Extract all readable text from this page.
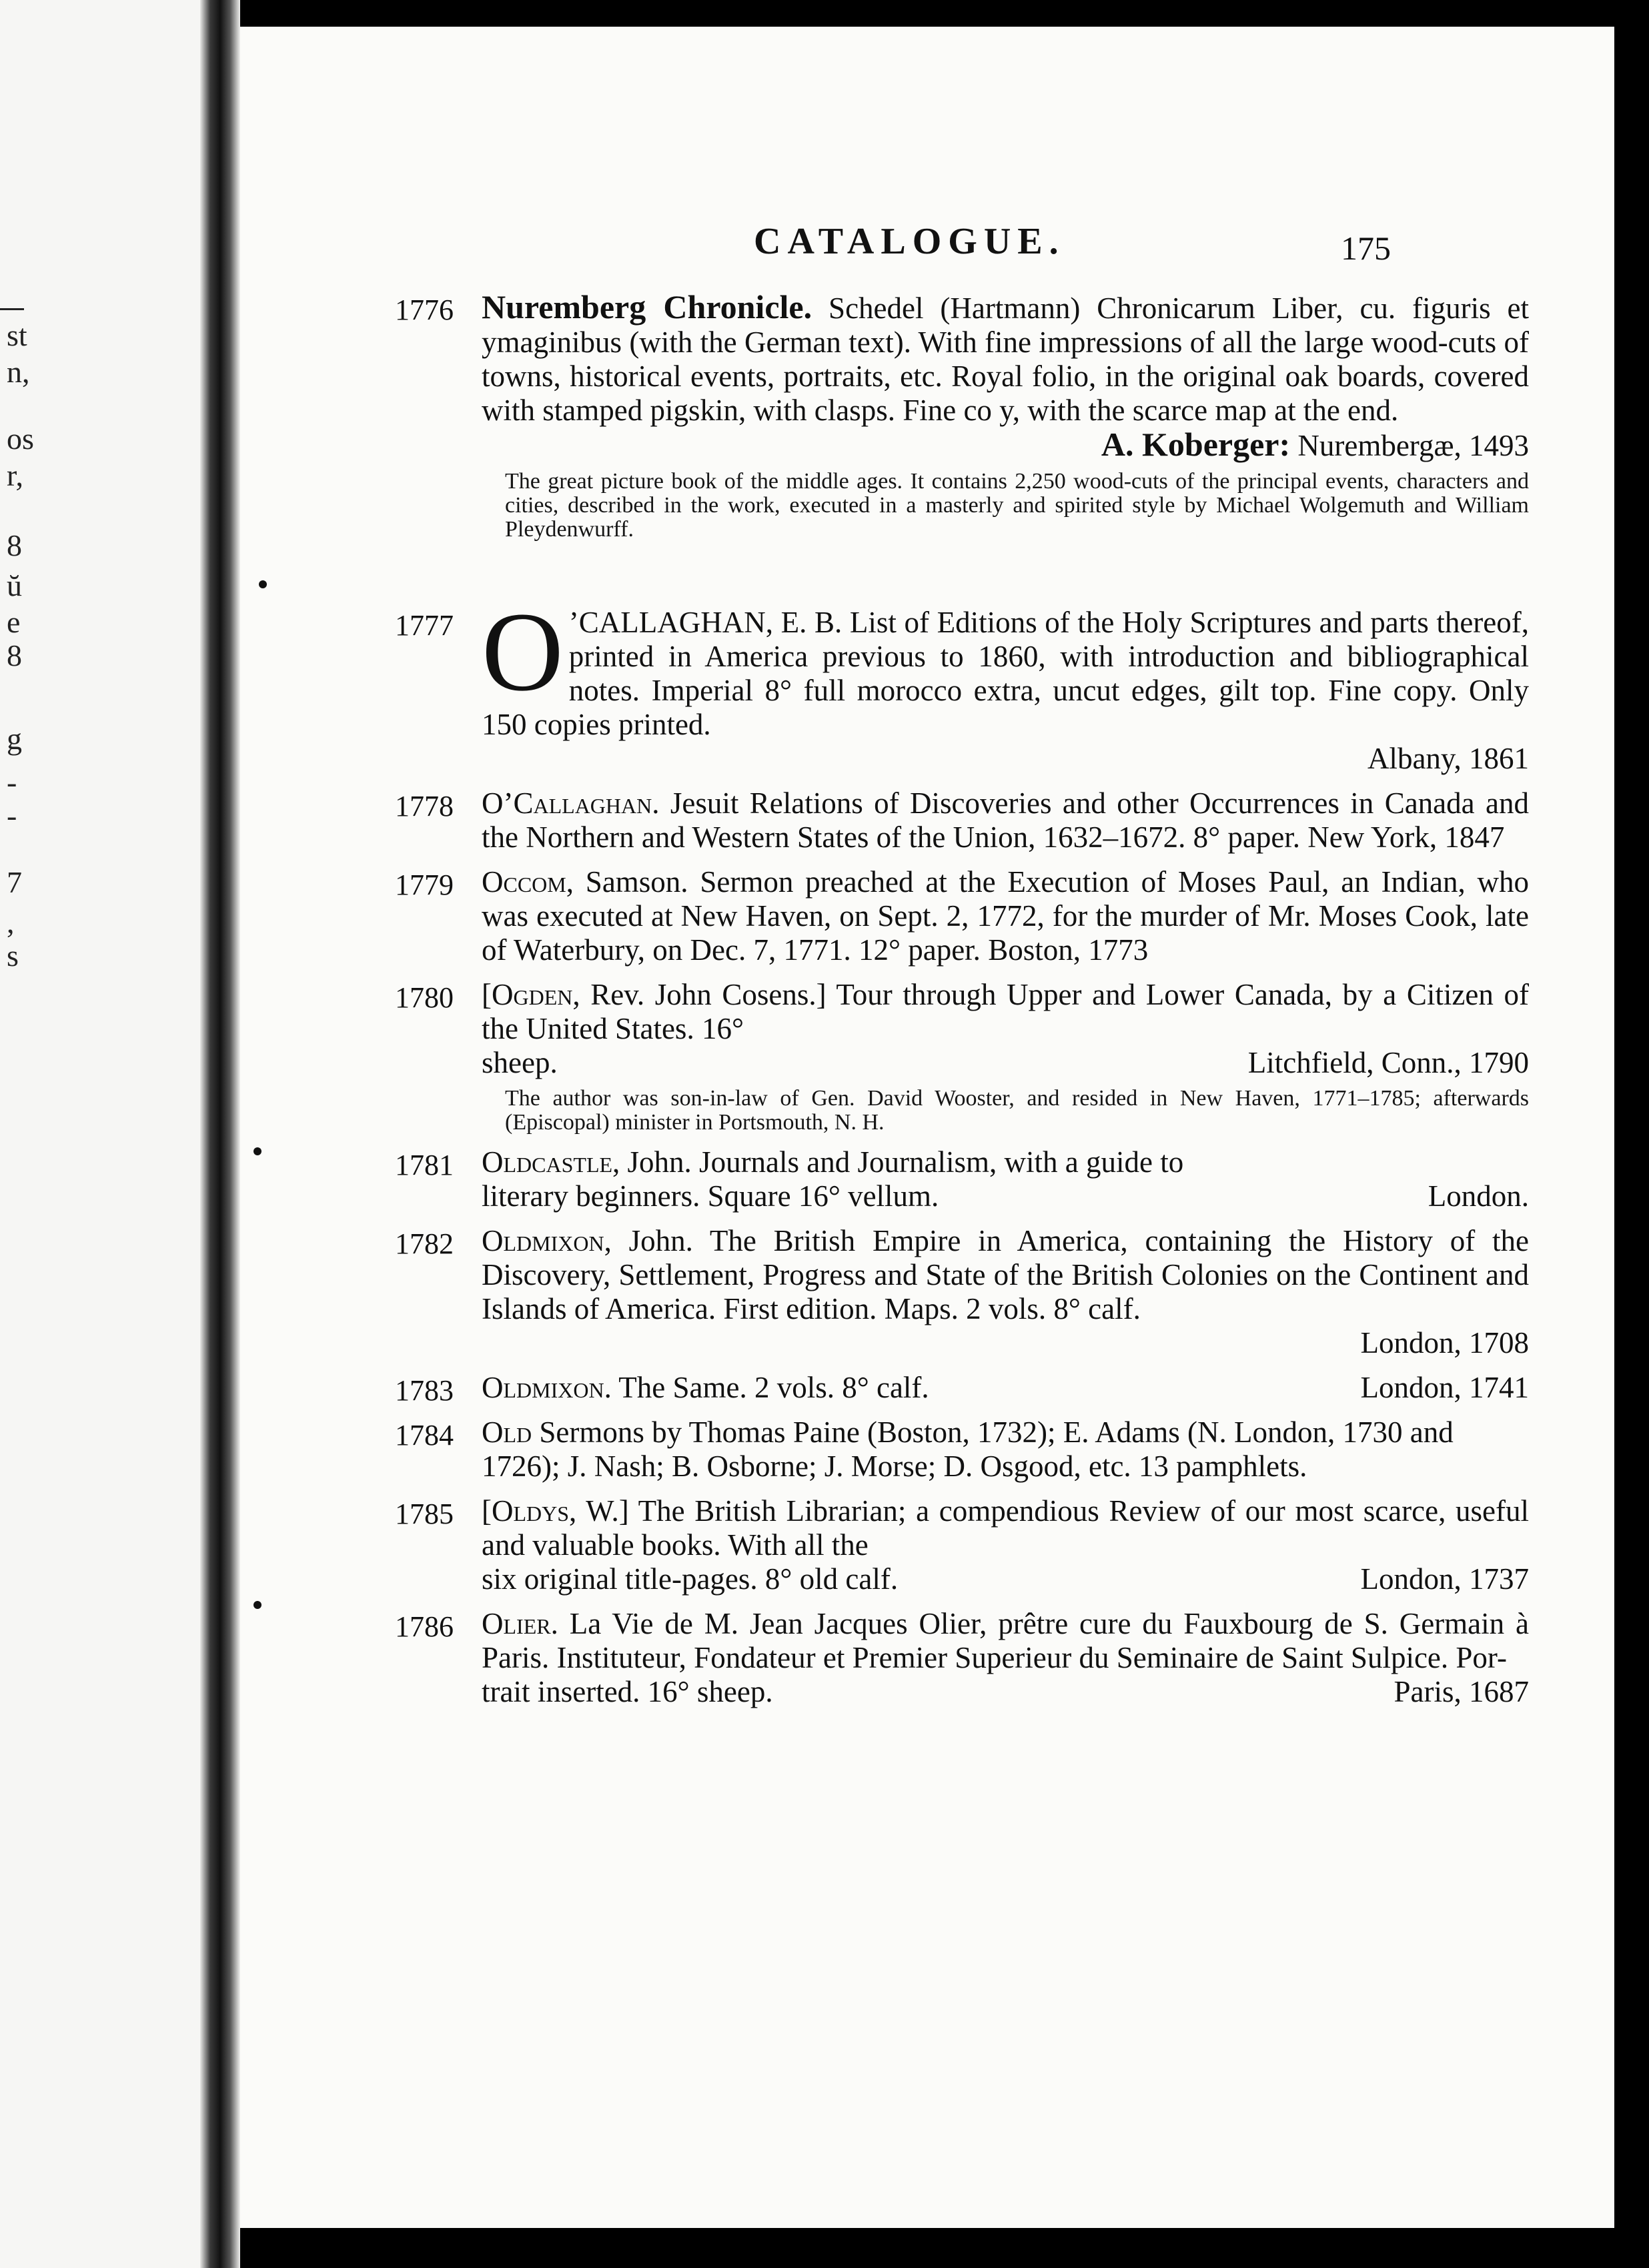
st
n,
os
r,
8
ŭ
e
8
g
-
-
7
,
s
CATALOGUE.	175
1776 Nuremberg Chronicle. Schedel (Hartmann) Chronicarum Liber, cu. figuris et ymaginibus (with the German text). With fine impressions of all the large wood-cuts of towns, historical events, portraits, etc. Royal folio, in the original oak boards, covered with stamped pigskin, with clasps. Fine co y, with the scarce map at the end.

A. Koberger: Nurembergæ, 1493
The great picture book of the middle ages. It contains 2,250 wood-cuts of the principal events, characters and cities, described in the work, executed in a masterly and spirited style by Michael Wolgemuth and William Pleydenwurff.
1777 O ’CALLAGHAN, E. B. List of Editions of the Holy Scriptures and parts thereof, printed in America previous to 1860, with introduction and bibliographical notes. Imperial 8° full morocco extra, uncut edges, gilt top. Fine copy. Only 150 copies printed.

Albany, 1861
1778 O’Callaghan. Jesuit Relations of Discoveries and other Occurrences in Canada and the Northern and Western States of the Union, 1632–1672. 8° paper. New York, 1847

1779 Occom, Samson. Sermon preached at the Execution of Moses Paul, an Indian, who was executed at New Haven, on Sept. 2, 1772, for the murder of Mr. Moses Cook, late of Waterbury, on Dec. 7, 1771. 12° paper. Boston, 1773

1780 [Ogden, Rev. John Cosens.] Tour through Upper and Lower Canada, by a Citizen of the United States. 16°

sheep.	Litchfield, Conn., 1790
The author was son-in-law of Gen. David Wooster, and resided in New Haven, 1771–1785; afterwards (Episcopal) minister in Portsmouth, N. H.
1781 Oldcastle, John. Journals and Journalism, with a guide to

literary beginners. Square 16° vellum.	London.
1782 Oldmixon, John. The British Empire in America, containing the History of the Discovery, Settlement, Progress and State of the British Colonies on the Continent and Islands of America. First edition. Maps. 2 vols. 8° calf.

London, 1708
1783 Oldmixon. The Same. 2 vols. 8° calf.	London, 1741
1784 Old Sermons by Thomas Paine (Boston, 1732); E. Adams (N. London, 1730 and 1726); J. Nash; B. Osborne; J. Morse; D. Osgood, etc. 13 pamphlets.

1785 [Oldys, W.] The British Librarian; a compendious Review of our most scarce, useful and valuable books. With all the

six original title-pages. 8° old calf.	London, 1737
1786 Olier. La Vie de M. Jean Jacques Olier, prêtre cure du Fauxbourg de S. Germain à Paris. Instituteur, Fondateur et Premier Superieur du Seminaire de Saint Sulpice. Por-

trait inserted. 16° sheep.	Paris, 1687
